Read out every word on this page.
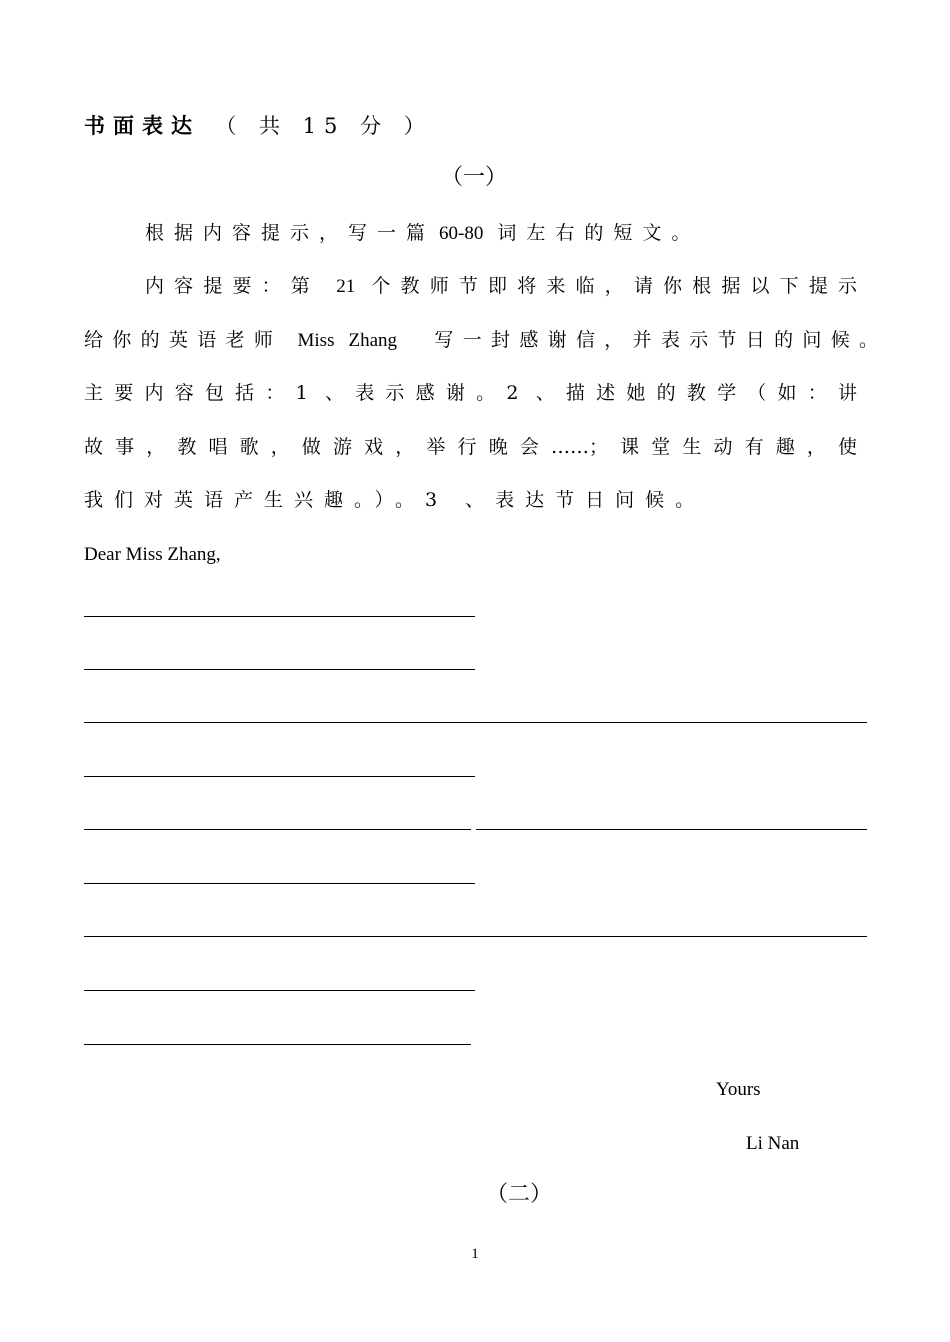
书面表达 （ 共 15 分 ）
（一）
根据内容提示，写一篇 60-80 词左右的短文。
内容提要：第 21 个教师节即将来临，请你根据以下提示
给你的英语老师 Miss Zhang 写一封感谢信，并表示节日的问候。
主要内容包括：1 、表示感谢。2 、描述她的教学（如：讲
故事，教唱歌，做游戏，举行晚会……；课堂生动有趣，使
我们对英语产生兴趣。）。3 、表达节日问候。
Dear Miss Zhang,
Yours
Li Nan
（二）
1
